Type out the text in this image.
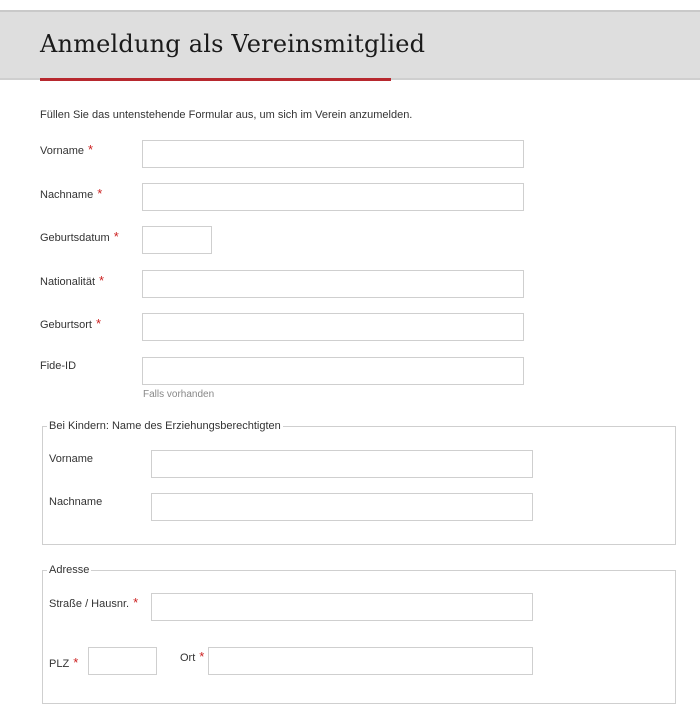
Anmeldung als Vereinsmitglied
Füllen Sie das untenstehende Formular aus, um sich im Verein anzumelden.
Vorname *
Nachname *
Geburtsdatum *
Nationalität *
Geburtsort *
Fide-ID
Falls vorhanden
Bei Kindern: Name des Erziehungsberechtigten
Vorname
Nachname
Adresse
Straße / Hausnr. *
PLZ *	Ort *
